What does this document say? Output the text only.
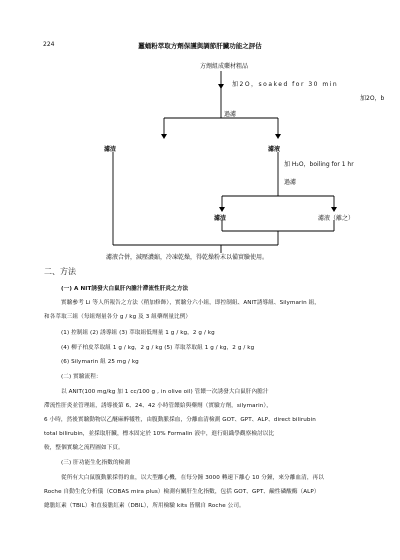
224	蠶蛹粉萃取方劑保護與調節肝臟功能之評估
方劑組成藥材粗品
加2O，soaked for 30 min
加2O，b
過濾
濾渣	濾液
加 H₂O，boiling for 1 hr
過濾
濾渣	濾液（離之）
濾液合併，減壓濃縮，冷凍乾燥，得乾燥粉末以備實驗使用。
二、方法
(一) A NIT誘發大白鼠肝內膽汁滯流性肝炎之方法
實驗參考 Li 等人所報告之方法（稍加修飾），實驗分六小組，即控制組、ANIT誘導組、Silymarin 組，
和各萃取三組（每組劑量各分 g / kg 及 3 組藥劑量比例）
(1) 控制組 (2) 誘導組 (3) 萃取組低劑量 1 g / kg，2 g / kg
(4) 柳子柏皮萃取組 1 g / kg，2 g / kg (5) 萃取萃取組 1 g / kg，2 g / kg
(6) Silymarin 組 25 mg / kg
(二) 實驗流程：
以 ANIT(100 mg/kg 加 1 cc/100 g , in olive oil) 管餵一次誘發大白鼠肝內膽汁
滯流性肝炎並管理組，誘導後第 6、24、42 小時管餵給與藥劑（實驗方劑，silymarin），
6 小時，然後實驗動物以乙醚麻醉犧牲，由腹動脈採血，分離血清檢測 GOT、GPT、ALP、direct bilirubin
total bilirubin，並採取肝臟，標本固定於 10% Formalin 液中，進行組織學觀察檢討以比
較，整個實驗之流程圖如下頁。
(三) 肝功能生化指數的檢測
從所有大白鼠腹動脈採得的血，以大型離心機，在每分鐘 3000 轉速下離心 10 分鐘，來分離血清，再以
Roche 自動生化分析儀（COBAS mira plus）檢測有關肝生化指數，包括 GOT、GPT、鹼性磷酸酶（ALP）
總膽紅素（TBIL）和直接膽紅素（DBIL），所用檢驗 kits 皆購自 Roche 公司。
